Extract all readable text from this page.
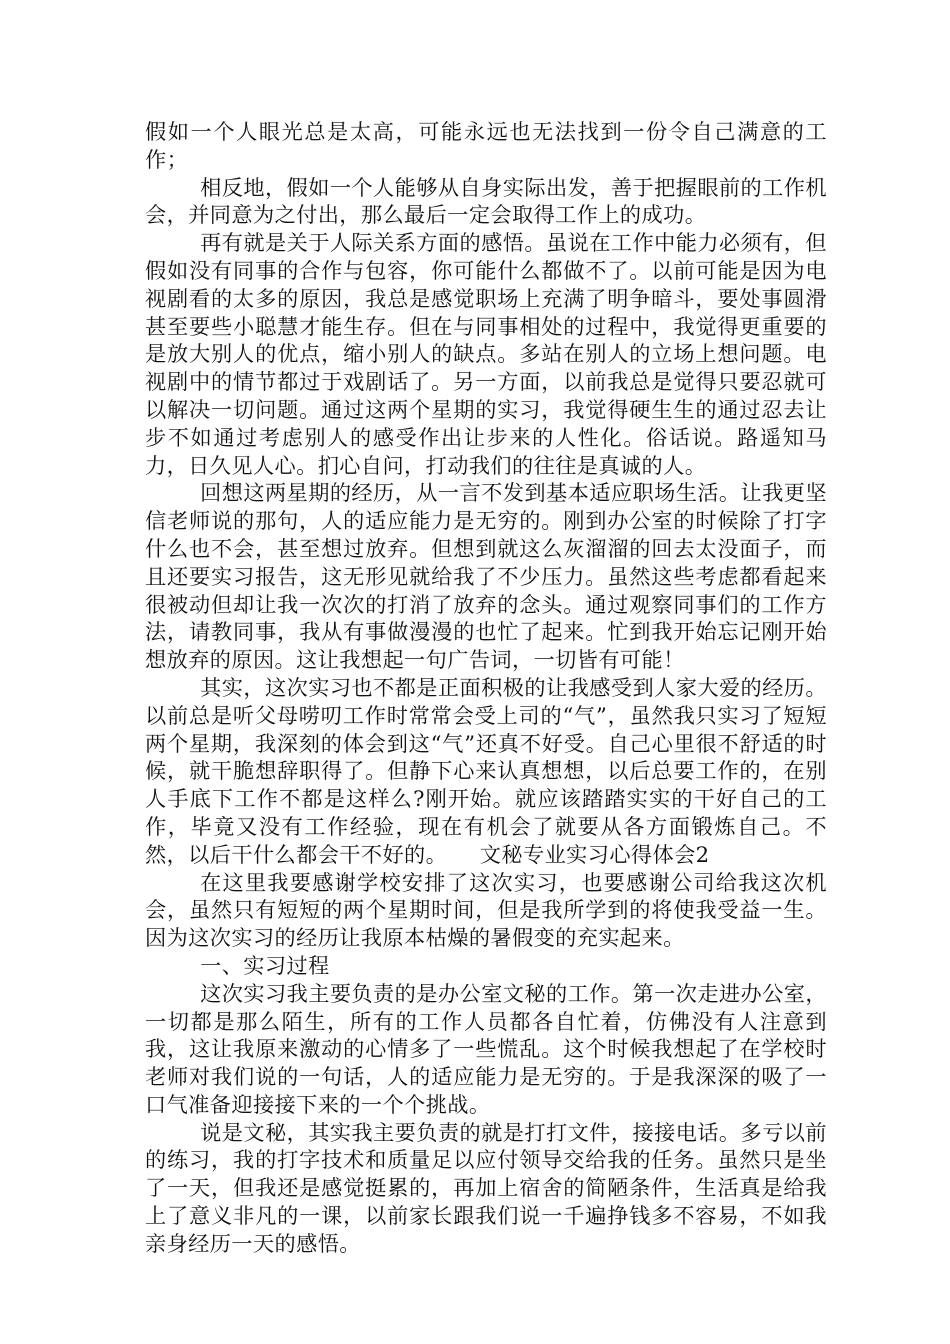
假如一个人眼光总是太高，可能永远也无法找到一份令自己满意的工作；

相反地，假如一个人能够从自身实际出发，善于把握眼前的工作机会，并同意为之付出，那么最后一定会取得工作上的成功。

再有就是关于人际关系方面的感悟。虽说在工作中能力必须有，但假如没有同事的合作与包容，你可能什么都做不了。以前可能是因为电视剧看的太多的原因，我总是感觉职场上充满了明争暗斗，要处事圆滑甚至要些小聪慧才能生存。但在与同事相处的过程中，我觉得更重要的是放大别人的优点，缩小别人的缺点。多站在别人的立场上想问题。电视剧中的情节都过于戏剧话了。另一方面，以前我总是觉得只要忍就可以解决一切问题。通过这两个星期的实习，我觉得硬生生的通过忍去让步不如通过考虑别人的感受作出让步来的人性化。俗话说。路遥知马力，日久见人心。扪心自问，打动我们的往往是真诚的人。

回想这两星期的经历，从一言不发到基本适应职场生活。让我更坚信老师说的那句，人的适应能力是无穷的。刚到办公室的时候除了打字什么也不会，甚至想过放弃。但想到就这么灰溜溜的回去太没面子，而且还要实习报告，这无形见就给我了不少压力。虽然这些考虑都看起来很被动但却让我一次次的打消了放弃的念头。通过观察同事们的工作方法，请教同事，我从有事做漫漫的也忙了起来。忙到我开始忘记刚开始想放弃的原因。这让我想起一句广告词，一切皆有可能！

其实，这次实习也不都是正面积极的让我感受到人家大爱的经历。以前总是听父母唠叨工作时常常会受上司的“气”，虽然我只实习了短短两个星期，我深刻的体会到这“气”还真不好受。自己心里很不舒适的时候，就干脆想辞职得了。但静下心来认真想想，以后总要工作的，在别人手底下工作不都是这样么?刚开始。就应该踏踏实实的干好自己的工作，毕竟又没有工作经验，现在有机会了就要从各方面锻炼自己。不然，以后干什么都会干不好的。　　文秘专业实习心得体会2

在这里我要感谢学校安排了这次实习，也要感谢公司给我这次机会，虽然只有短短的两个星期时间，但是我所学到的将使我受益一生。因为这次实习的经历让我原本枯燥的暑假变的充实起来。

一、实习过程

这次实习我主要负责的是办公室文秘的工作。第一次走进办公室，一切都是那么陌生，所有的工作人员都各自忙着，仿佛没有人注意到我，这让我原来激动的心情多了一些慌乱。这个时候我想起了在学校时老师对我们说的一句话，人的适应能力是无穷的。于是我深深的吸了一口气准备迎接接下来的一个个挑战。

说是文秘，其实我主要负责的就是打打文件，接接电话。多亏以前的练习，我的打字技术和质量足以应付领导交给我的任务。虽然只是坐了一天，但我还是感觉挺累的，再加上宿舍的简陋条件，生活真是给我上了意义非凡的一课，以前家长跟我们说一千遍挣钱多不容易，不如我亲身经历一天的感悟。
